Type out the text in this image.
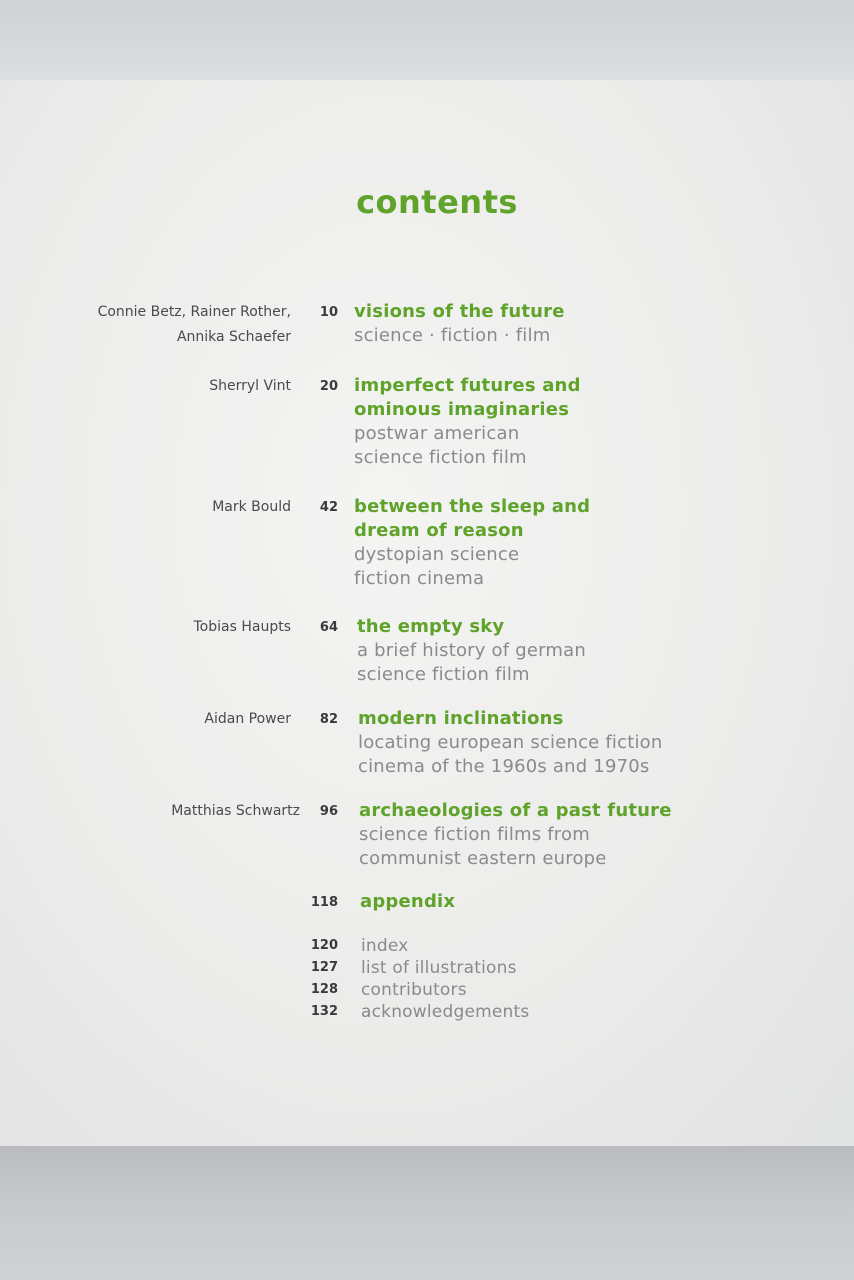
contents
Connie Betz, Rainer Rother,
Annika Schaefer
10 visions of the future
science · fiction · film
Sherryl Vint	20 imperfect futures and
ominous imaginaries
postwar american
science fiction film
Mark Bould	42 between the sleep and
dream of reason
dystopian science
fiction cinema
Tobias Haupts	64 the empty sky
a brief history of german
science fiction film
Aidan Power	82 modern inclinations
locating european science fiction
cinema of the 1960s and 1970s
Matthias Schwartz	96 archaeologies of a past future
science fiction films from
communist eastern europe
118 appendix
120 index
127 list of illustrations
128 contributors
132 acknowledgements
